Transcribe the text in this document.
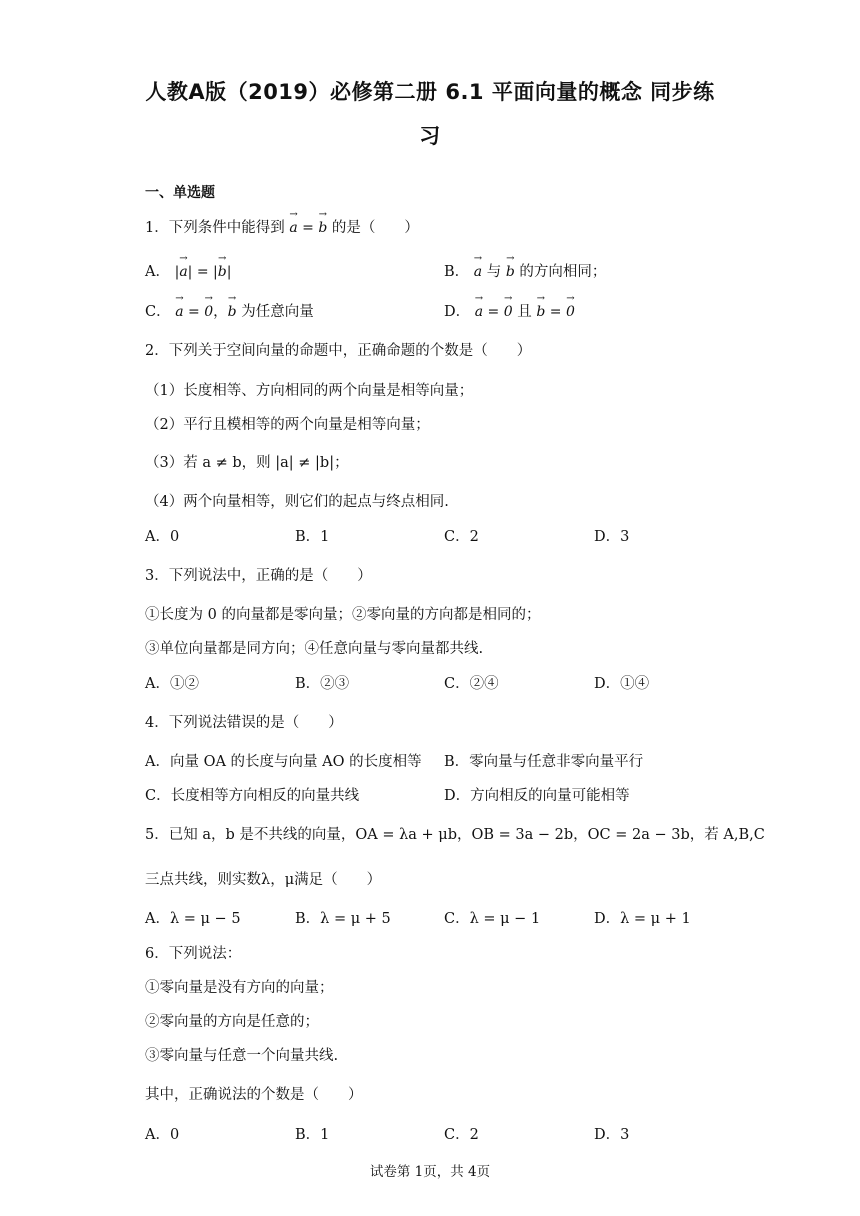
人教A版（2019）必修第二册 6.1 平面向量的概念 同步练
习
一、单选题
1．下列条件中能得到 → a = → b 的是（　　）
A． |→ a| = |→ b|	B． → a 与 → b 的方向相同；
C． → a = → 0，→ b 为任意向量	D． → a = → 0 且 → b = → 0
2．下列关于空间向量的命题中，正确命题的个数是（　　）
（1）长度相等、方向相同的两个向量是相等向量；
（2）平行且模相等的两个向量是相等向量；
（3）若 a ≠ b，则 |a| ≠ |b|；
（4）两个向量相等，则它们的起点与终点相同.
A．0	B．1	C．2	D．3
3．下列说法中，正确的是（　　）
①长度为 0 的向量都是零向量；②零向量的方向都是相同的；
③单位向量都是同方向；④任意向量与零向量都共线.
A．①②	B．②③	C．②④	D．①④
4．下列说法错误的是（　　）
A．向量 OA 的长度与向量 AO 的长度相等 B．零向量与任意非零向量平行
C．长度相等方向相反的向量共线	D．方向相反的向量可能相等
5．已知 a，b 是不共线的向量，OA = λa + μb，OB = 3a − 2b，OC = 2a − 3b，若 A,B,C
三点共线，则实数λ，μ满足（　　）
A．λ = μ − 5	B．λ = μ + 5	C．λ = μ − 1	D．λ = μ + 1
6．下列说法：
①零向量是没有方向的向量；
②零向量的方向是任意的；
③零向量与任意一个向量共线.
其中，正确说法的个数是（　　）
A．0	B．1	C．2	D．3
试卷第 1页，共 4页
